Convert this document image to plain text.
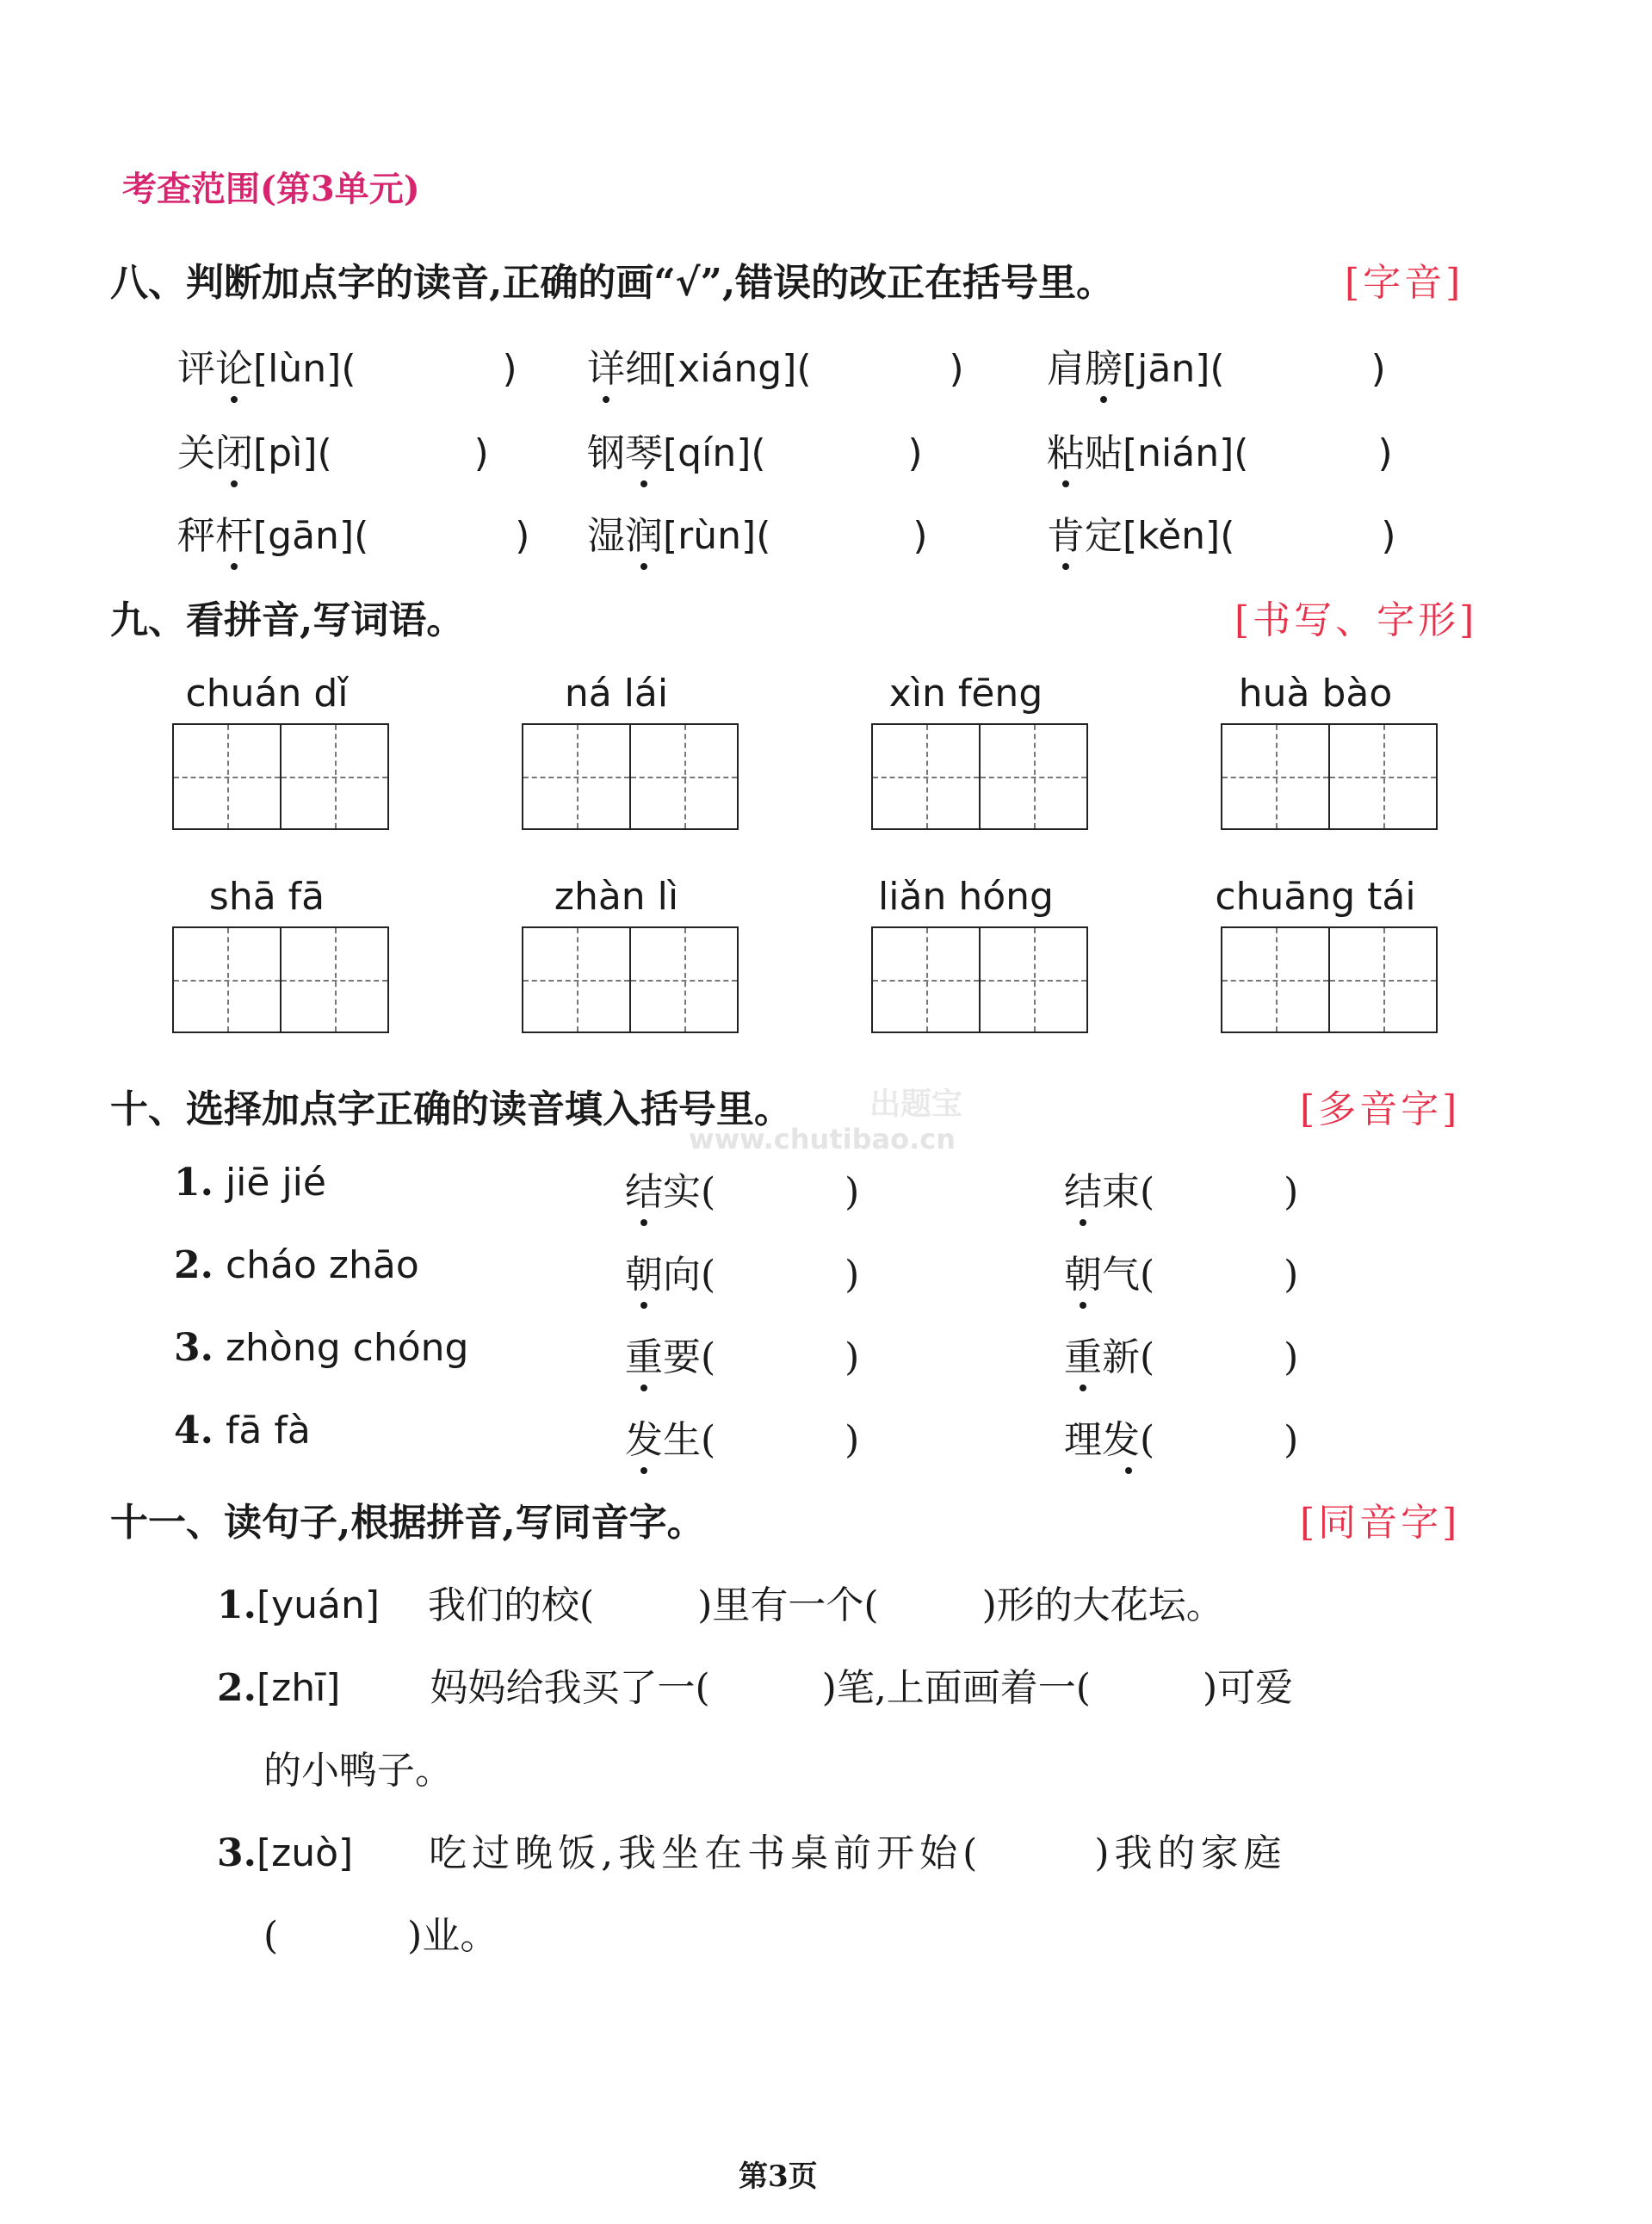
考查范围(第3单元)
八、判断加点字的读音,正确的画“√”,错误的改正在括号里。	[字音]
评论[lùn](	) 详细[xiáng](	) 肩膀[jān](	)
关闭[pì](	)	钢琴[qín](	)	粘贴[nián](	)
秤杆[gān](	) 湿润[rùn](	)	肯定[kěn](	)
九、看拼音,写词语。	[书写、字形]
chuán dǐ	ná lái	xìn fēng	huà bào
shā fā	zhàn lì	liǎn hóng	chuāng tái
十、选择加点字正确的读音填入括号里。	[多音字]
出题宝
www.chutibao.cn
1. jiē jié	结实(	)	结束(	)
2. cháo zhāo	朝向(	)	朝气(	)
3. zhòng chóng	重要(	)	重新(	)
4. fā fà	发生(	)	理发(	)
十一、读句子,根据拼音,写同音字。	[同音字]
1.[yuán] 我们的校(	)里有一个(	)形的大花坛。
2.[zhī] 妈妈给我买了一(	)笔,上面画着一(	)可爱
的小鸭子。
3.[zuò] 吃过晚饭,我坐在书桌前开始(	)我的家庭
(	)业。
第3页
